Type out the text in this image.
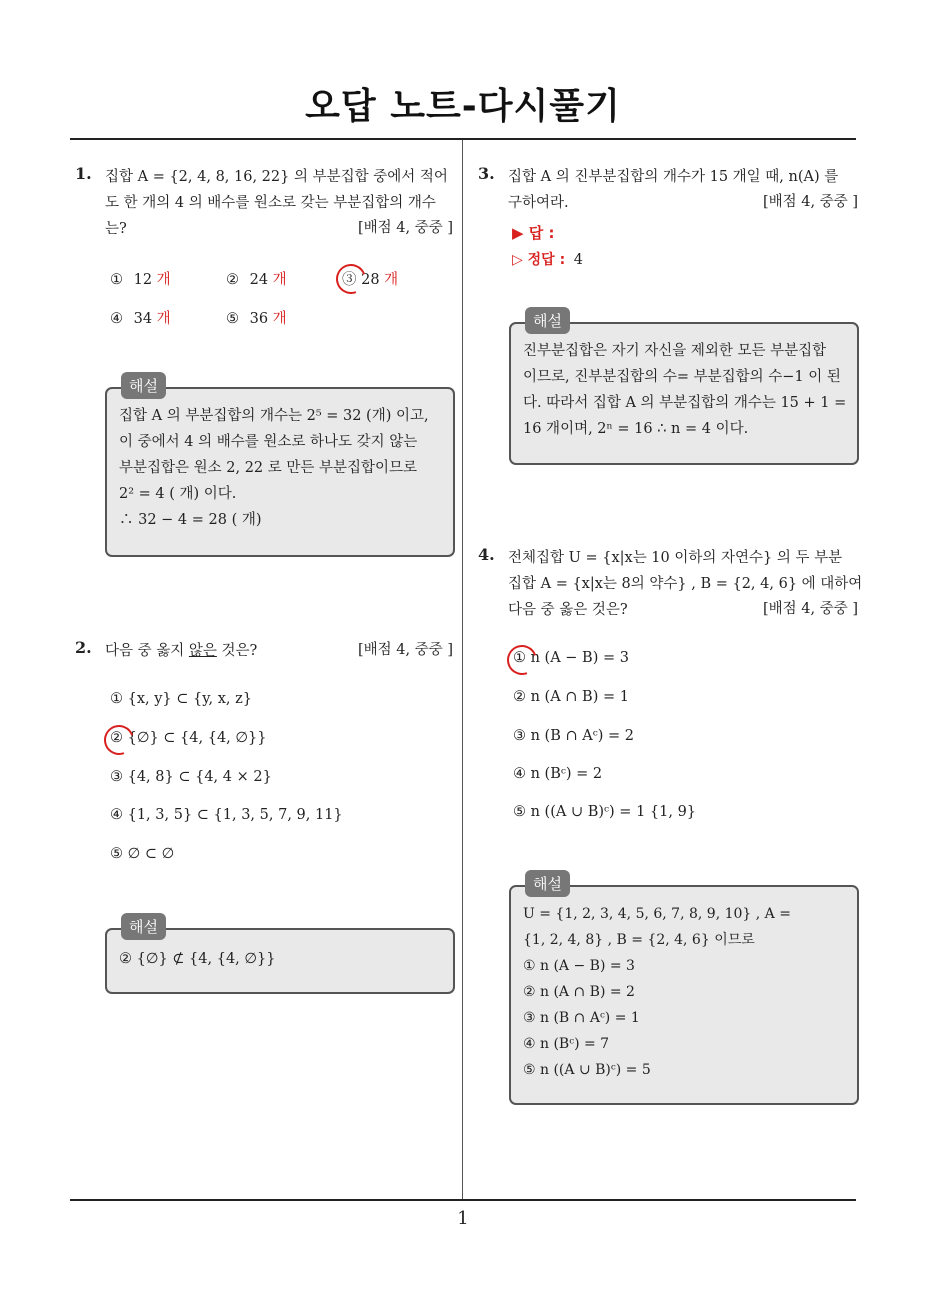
오답 노트-다시풀기
1. 집합 A = {2, 4, 8, 16, 22} 의 부분집합 중에서 적어
도 한 개의 4 의 배수를 원소로 갖는 부분집합의 개수
는?	[배점 4, 중중 ]
① 12 개	② 24 개	③ 28 개
④ 34 개	⑤ 36 개
해설
집합 A 의 부분집합의 개수는 2⁵ = 32 (개) 이고,
이 중에서 4 의 배수를 원소로 하나도 갖지 않는
부분집합은 원소 2, 22 로 만든 부분집합이므로
2² = 4 ( 개) 이다.
∴ 32 − 4 = 28 ( 개)
2. 다음 중 옳지 않은 것은?	[배점 4, 중중 ]
① {x, y} ⊂ {y, x, z}
② {∅} ⊂ {4, {4, ∅}}
③ {4, 8} ⊂ {4, 4 × 2}
④ {1, 3, 5} ⊂ {1, 3, 5, 7, 9, 11}
⑤ ∅ ⊂ ∅
해설
② {∅} ⊄ {4, {4, ∅}}
3. 집합 A 의 진부분집합의 개수가 15 개일 때, n(A) 를
구하여라.	[배점 4, 중중 ]
▶ 답 :
▷ 정답 : 4
해설
진부분집합은 자기 자신을 제외한 모든 부분집합
이므로, 진부분집합의 수= 부분집합의 수−1 이 된
다. 따라서 집합 A 의 부분집합의 개수는 15 + 1 =
16 개이며, 2ⁿ = 16 ∴ n = 4 이다.
4. 전체집합 U = {x|x는 10 이하의 자연수} 의 두 부분
집합 A = {x|x는 8의 약수} , B = {2, 4, 6} 에 대하여
다음 중 옳은 것은?	[배점 4, 중중 ]
① n (A − B) = 3
② n (A ∩ B) = 1
③ n (B ∩ Aᶜ) = 2
④ n (Bᶜ) = 2
⑤ n ((A ∪ B)ᶜ) = 1 {1, 9}
해설
U = {1, 2, 3, 4, 5, 6, 7, 8, 9, 10} , A =
{1, 2, 4, 8} , B = {2, 4, 6} 이므로
① n (A − B) = 3
② n (A ∩ B) = 2
③ n (B ∩ Aᶜ) = 1
④ n (Bᶜ) = 7
⑤ n ((A ∪ B)ᶜ) = 5
1
